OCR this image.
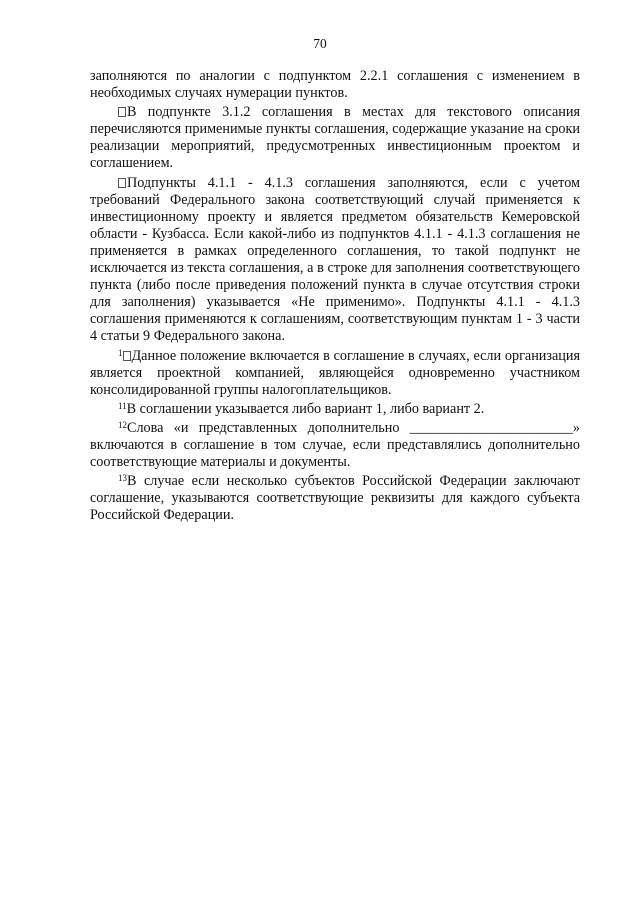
70

заполняются по аналогии с подпунктом 2.2.1 соглашения с изменением в необходимых случаях нумерации пунктов.

В подпункте 3.1.2 соглашения в местах для текстового описания перечисляются применимые пункты соглашения, содержащие указание на сроки реализации мероприятий, предусмотренных инвестиционным проектом и соглашением.

Подпункты 4.1.1 - 4.1.3 соглашения заполняются, если с учетом требований Федерального закона соответствующий случай применяется к инвестиционному проекту и является предметом обязательств Кемеровской области - Кузбасса. Если какой-либо из подпунктов 4.1.1 - 4.1.3 соглашения не применяется в рамках определенного соглашения, то такой подпункт не исключается из текста соглашения, а в строке для заполнения соответствующего пункта (либо после приведения положений пункта в случае отсутствия строки для заполнения) указывается «Не применимо». Подпункты 4.1.1 - 4.1.3 соглашения применяются к соглашениям, соответствующим пунктам 1 - 3 части 4 статьи 9 Федерального закона.

$^1$ Данное положение включается в соглашение в случаях, если организация является проектной компанией, являющейся одновременно участником консолидированной группы налогоплательщиков.

$^{11}$В соглашении указывается либо вариант 1, либо вариант 2.

$^{12}$Слова «и представленных дополнительно _______________________» включаются в соглашение в том случае, если представлялись дополнительно соответствующие материалы и документы.

$^{13}$В случае если несколько субъектов Российской Федерации заключают соглашение, указываются соответствующие реквизиты для каждого субъекта Российской Федерации.
